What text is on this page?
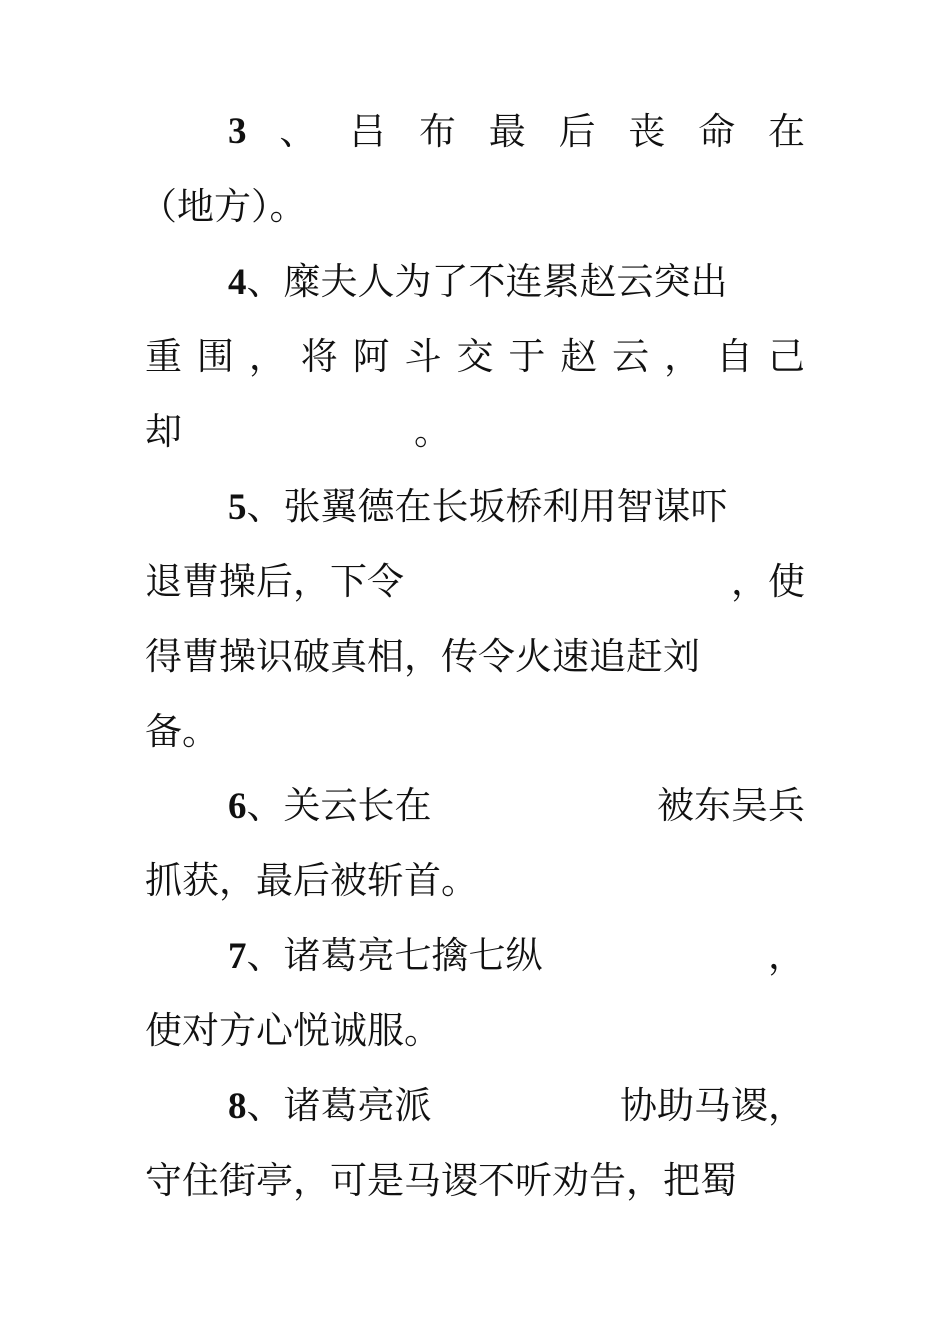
3 、 吕 布 最 后 丧 命 在
（地方）。
4、糜夫人为了不连累赵云突出
重 围 ， 将 阿 斗 交 于 赵 云 ， 自 己
却	。
5、张翼德在长坂桥利用智谋吓
退曹操后，下令	，使
得曹操识破真相，传令火速追赶刘
备。
6、关云长在	被东吴兵
抓获，最后被斩首。
7、诸葛亮七擒七纵	，
使对方心悦诚服。
8、诸葛亮派	协助马谡，
守住街亭，可是马谡不听劝告，把蜀
